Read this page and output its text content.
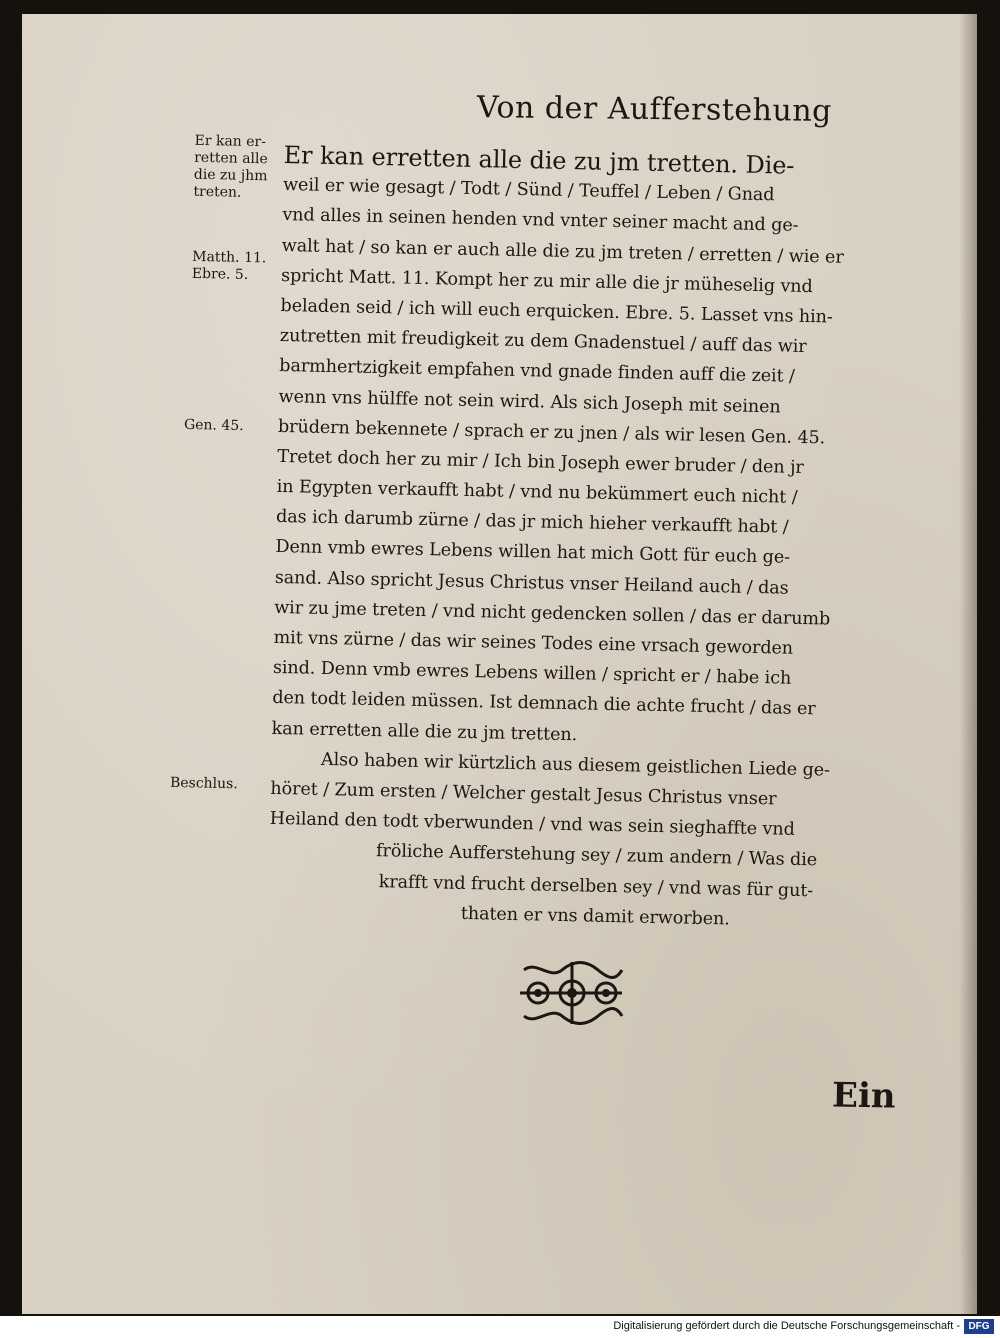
Von der Aufferstehung
Er kan er-
retten alle
die zu jhm
treten.
Matth. 11.
Ebre. 5.
Gen. 45.
Beschlus.
Er kan erretten alle die zu jm tretten. Die-
weil er wie gesagt / Todt / Sünd / Teuffel / Leben / Gnad
vnd alles in seinen henden vnd vnter seiner macht and ge-
walt hat / so kan er auch alle die zu jm treten / erretten / wie er
spricht Matt. 11. Kompt her zu mir alle die jr müheselig vnd
beladen seid / ich will euch erquicken. Ebre. 5. Lasset vns hin-
zutretten mit freudigkeit zu dem Gnadenstuel / auff das wir
barmhertzigkeit empfahen vnd gnade finden auff die zeit /
wenn vns hülffe not sein wird. Als sich Joseph mit seinen
brüdern bekennete / sprach er zu jnen / als wir lesen Gen. 45.
Tretet doch her zu mir / Ich bin Joseph ewer bruder / den jr
in Egypten verkaufft habt / vnd nu bekümmert euch nicht /
das ich darumb zürne / das jr mich hieher verkaufft habt /
Denn vmb ewres Lebens willen hat mich Gott für euch ge-
sand. Also spricht Jesus Christus vnser Heiland auch / das
wir zu jme treten / vnd nicht gedencken sollen / das er darumb
mit vns zürne / das wir seines Todes eine vrsach geworden
sind. Denn vmb ewres Lebens willen / spricht er / habe ich
den todt leiden müssen. Ist demnach die achte frucht / das er
kan erretten alle die zu jm tretten.
Also haben wir kürtzlich aus diesem geistlichen Liede ge-
höret / Zum ersten / Welcher gestalt Jesus Christus vnser
Heiland den todt vberwunden / vnd was sein sieghaffte vnd
fröliche Aufferstehung sey / zum andern / Was die
krafft vnd frucht derselben sey / vnd was für gut-
thaten er vns damit erworben.
Ein
Digitalisierung gefördert durch die Deutsche Forschungsgemeinschaft - DFG
